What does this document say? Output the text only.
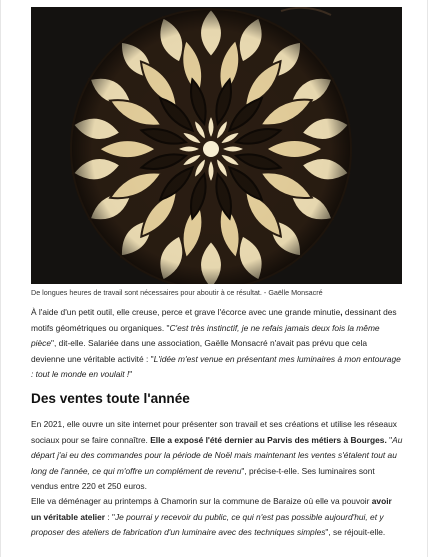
De longues heures de travail sont nécessaires pour aboutir à ce résultat. - Gaëlle Monsacré

À l'aide d'un petit outil, elle creuse, perce et grave l'écorce avec une grande minutie, dessinant des motifs géométriques ou organiques. "C'est très instinctif, je ne refais jamais deux fois la même pièce", dit-elle. Salariée dans une association, Gaëlle Monsacré n'avait pas prévu que cela devienne une véritable activité : "L'idée m'est venue en présentant mes luminaires à mon entourage : tout le monde en voulait !"

Des ventes toute l'année

En 2021, elle ouvre un site internet pour présenter son travail et ses créations et utilise les réseaux sociaux pour se faire connaître. Elle a exposé l'été dernier au Parvis des métiers à Bourges. "Au départ j'ai eu des commandes pour la période de Noël mais maintenant les ventes s'étalent tout au long de l'année, ce qui m'offre un complément de revenu", précise-t-elle. Ses luminaires sont vendus entre 220 et 250 euros.

Elle va déménager au printemps à Chamorin sur la commune de Baraize où elle va pouvoir avoir un véritable atelier : "Je pourrai y recevoir du public, ce qui n'est pas possible aujourd'hui, et y proposer des ateliers de fabrication d'un luminaire avec des techniques simples", se réjouit-elle.
